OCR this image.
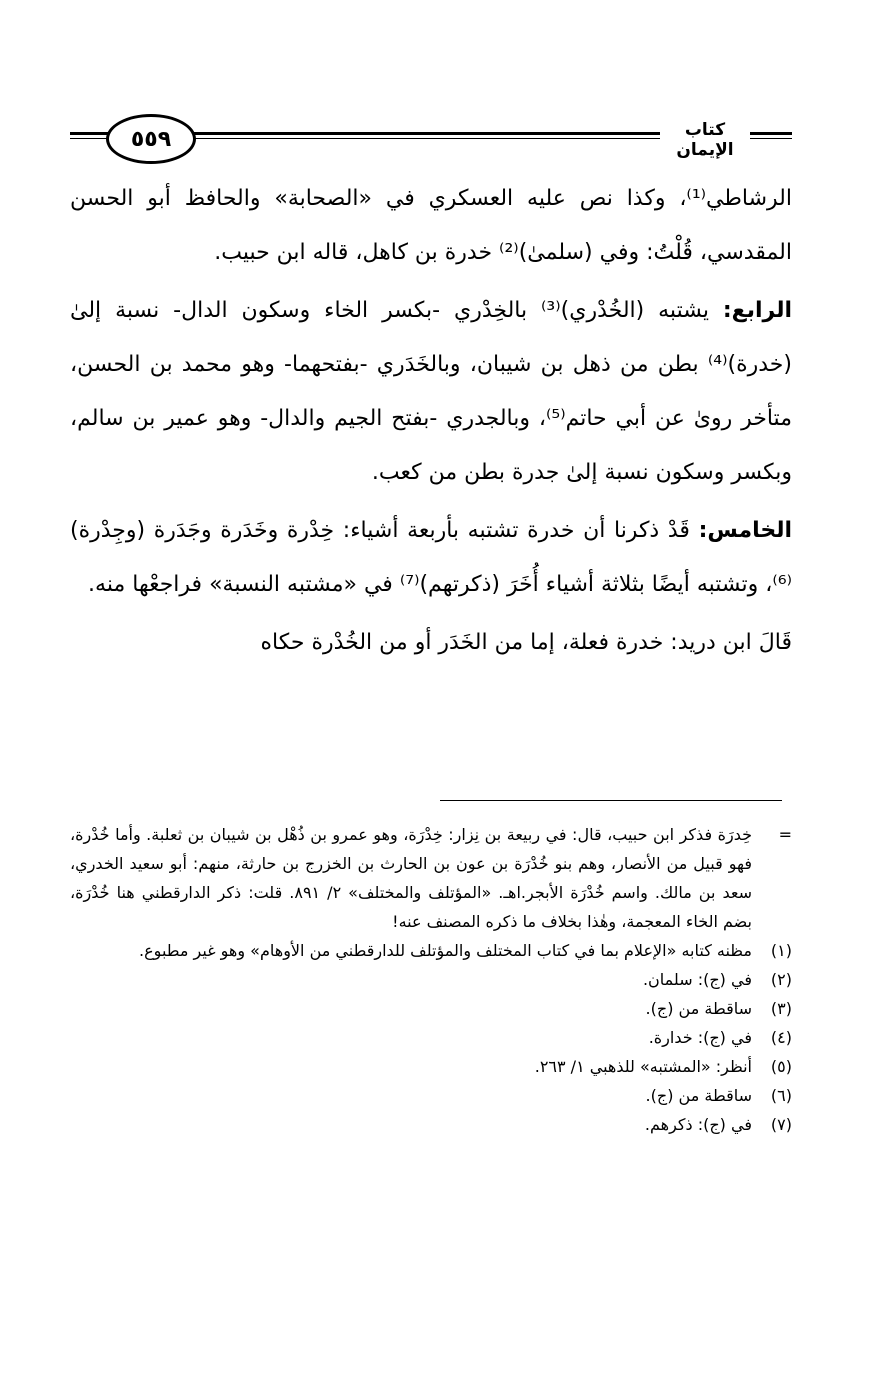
٥٥٩	كتاب الإيمان

الرشاطي⁽¹⁾، وكذا نص عليه العسكري في «الصحابة» والحافظ أبو الحسن المقدسي، قُلْتُ: وفي (سلمىٰ)⁽²⁾ خدرة بن كاهل، قاله ابن حبيب.

الرابع: يشتبه (الخُدْري)⁽³⁾ بالخِدْري -بكسر الخاء وسكون الدال- نسبة إلىٰ (خدرة)⁽⁴⁾ بطن من ذهل بن شيبان، وبالخَدَري -بفتحهما- وهو محمد بن الحسن، متأخر روىٰ عن أبي حاتم⁽⁵⁾، وبالجدري -بفتح الجيم والدال- وهو عمير بن سالم، وبكسر وسكون نسبة إلىٰ جدرة بطن من كعب.

الخامس: قَدْ ذكرنا أن خدرة تشتبه بأربعة أشياء: خِدْرة وخَدَرة وجَدَرة (وجِدْرة)⁽⁶⁾، وتشتبه أيضًا بثلاثة أشياء أُخَرَ (ذكرتهم)⁽⁷⁾ في «مشتبه النسبة» فراجعْها منه.

قَالَ ابن دريد: خدرة فعلة، إما من الخَدَر أو من الخُدْرة حكاه

=
خِدرَة فذكر ابن حبيب، قال: في ربيعة بن نِزار: خِدْرَة، وهو عمرو بن ذُهْل بن شيبان بن ثعلبة. وأما خُدْرة، فهو قبيل من الأنصار، وهم بنو خُدْرَة بن عون بن الحارث بن الخزرج بن حارثة، منهم: أبو سعيد الخدري، سعد بن مالك. واسم خُدْرَة الأبجر.اهـ. «المؤتلف والمختلف» ٢/ ٨٩١. قلت: ذكر الدارقطني هنا خُدْرَة، بضم الخاء المعجمة، وهٰذا بخلاف ما ذكره المصنف عنه!
(١)
مظنه كتابه «الإعلام بما في كتاب المختلف والمؤتلف للدارقطني من الأوهام» وهو غير مطبوع.
(٢)
في (ج): سلمان.
(٣)
ساقطة من (ج).
(٤)
في (ج): خدارة.
(٥)
أنظر: «المشتبه» للذهبي ١/ ٢٦٣.
(٦)
ساقطة من (ج).
(٧)
في (ج): ذكرهم.
